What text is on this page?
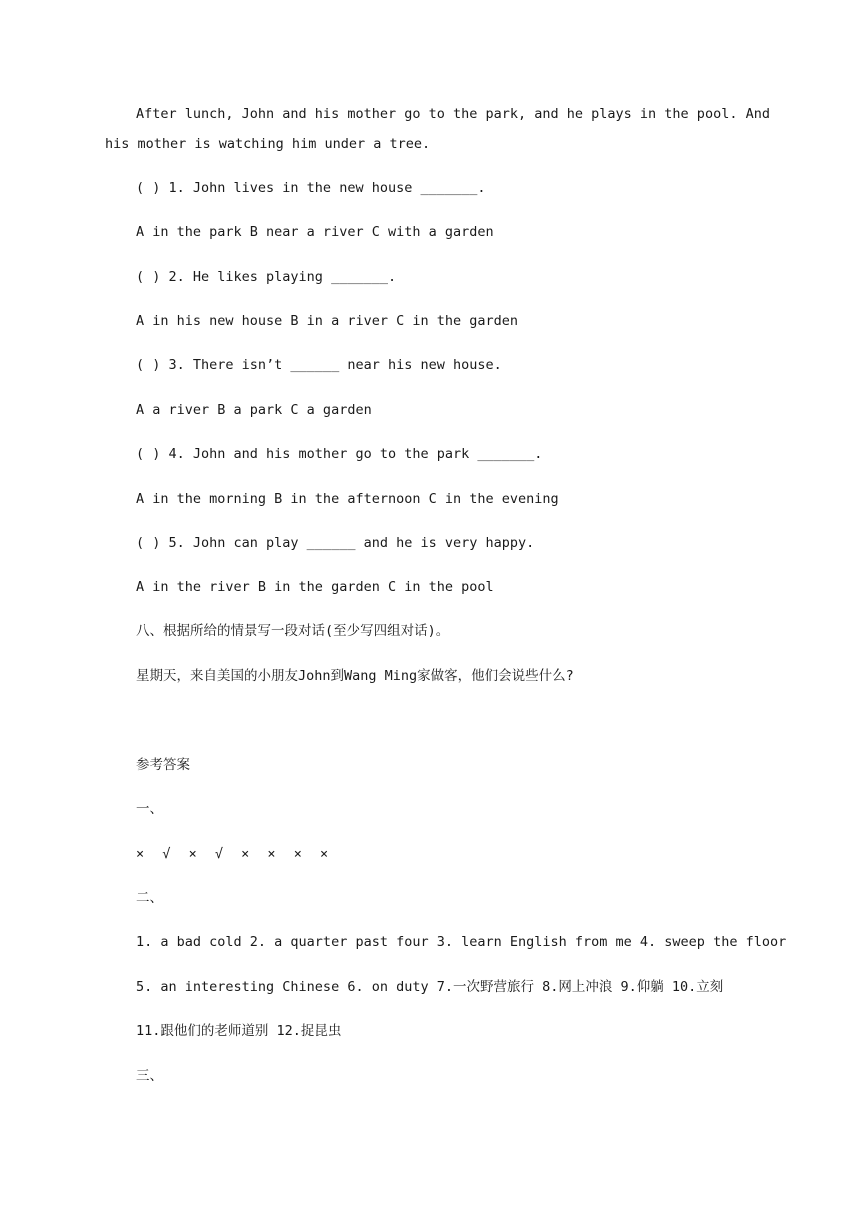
After lunch, John and his mother go to the park, and he plays in the pool. And
his mother is watching him under a tree.
( ) 1. John lives in the new house _______.
A in the park B near a river C with a garden
( ) 2. He likes playing _______.
A in his new house B in a river C in the garden
( ) 3. There isn’t ______ near his new house.
A a river B a park C a garden
( ) 4. John and his mother go to the park _______.
A in the morning B in the afternoon C in the evening
( ) 5. John can play ______ and he is very happy.
A in the river B in the garden C in the pool
八、根据所给的情景写一段对话(至少写四组对话)。
星期天，来自美国的小朋友John到Wang Ming家做客，他们会说些什么?
参考答案
一、
× √ × √ × × × ×
二、
1. a bad cold 2. a quarter past four 3. learn English from me 4. sweep the floor
5. an interesting Chinese 6. on duty 7.一次野营旅行 8.网上冲浪 9.仰躺 10.立刻
11.跟他们的老师道别 12.捉昆虫
三、
